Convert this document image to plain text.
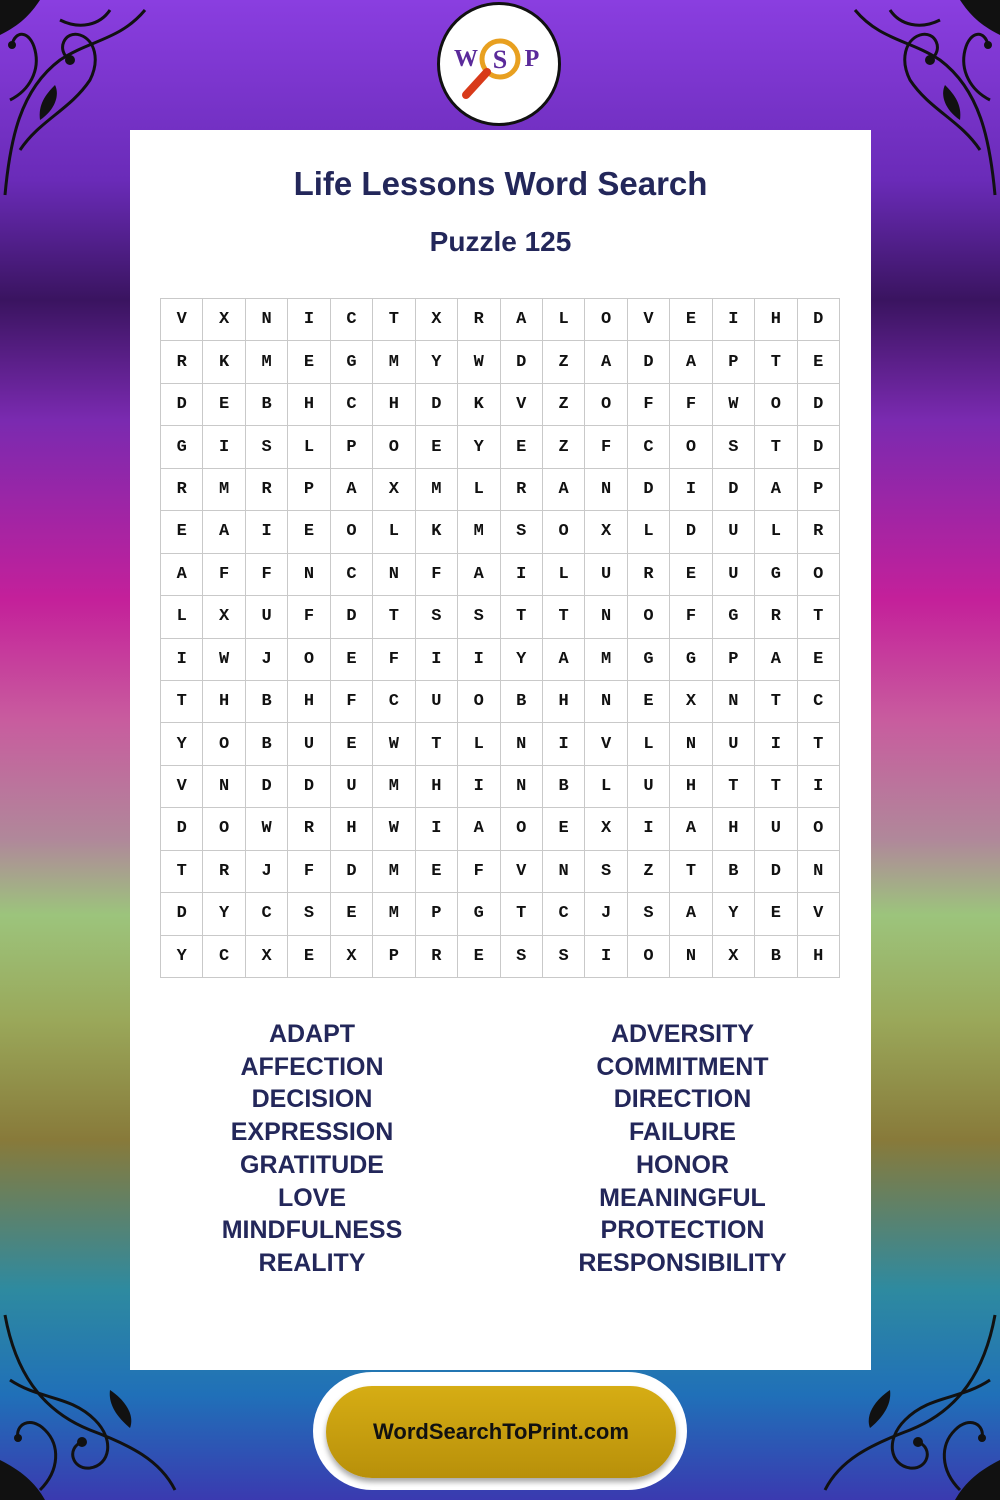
W S P
Life Lessons Word Search
Puzzle 125
V	X	N	I	C	T	X	R	A	L	O	V	E	I	H	D
R	K	M	E	G	M	Y	W	D	Z	A	D	A	P	T	E
D	E	B	H	C	H	D	K	V	Z	O	F	F	W	O	D
G	I	S	L	P	O	E	Y	E	Z	F	C	O	S	T	D
R	M	R	P	A	X	M	L	R	A	N	D	I	D	A	P
E	A	I	E	O	L	K	M	S	O	X	L	D	U	L	R
A	F	F	N	C	N	F	A	I	L	U	R	E	U	G	O
L	X	U	F	D	T	S	S	T	T	N	O	F	G	R	T
I	W	J	O	E	F	I	I	Y	A	M	G	G	P	A	E
T	H	B	H	F	C	U	O	B	H	N	E	X	N	T	C
Y	O	B	U	E	W	T	L	N	I	V	L	N	U	I	T
V	N	D	D	U	M	H	I	N	B	L	U	H	T	T	I
D	O	W	R	H	W	I	A	O	E	X	I	A	H	U	O
T	R	J	F	D	M	E	F	V	N	S	Z	T	B	D	N
D	Y	C	S	E	M	P	G	T	C	J	S	A	Y	E	V
Y	C	X	E	X	P	R	E	S	S	I	O	N	X	B	H
ADAPT
AFFECTION
DECISION
EXPRESSION
GRATITUDE
LOVE
MINDFULNESS
REALITY
ADVERSITY
COMMITMENT
DIRECTION
FAILURE
HONOR
MEANINGFUL
PROTECTION
RESPONSIBILITY
WordSearchToPrint.com
